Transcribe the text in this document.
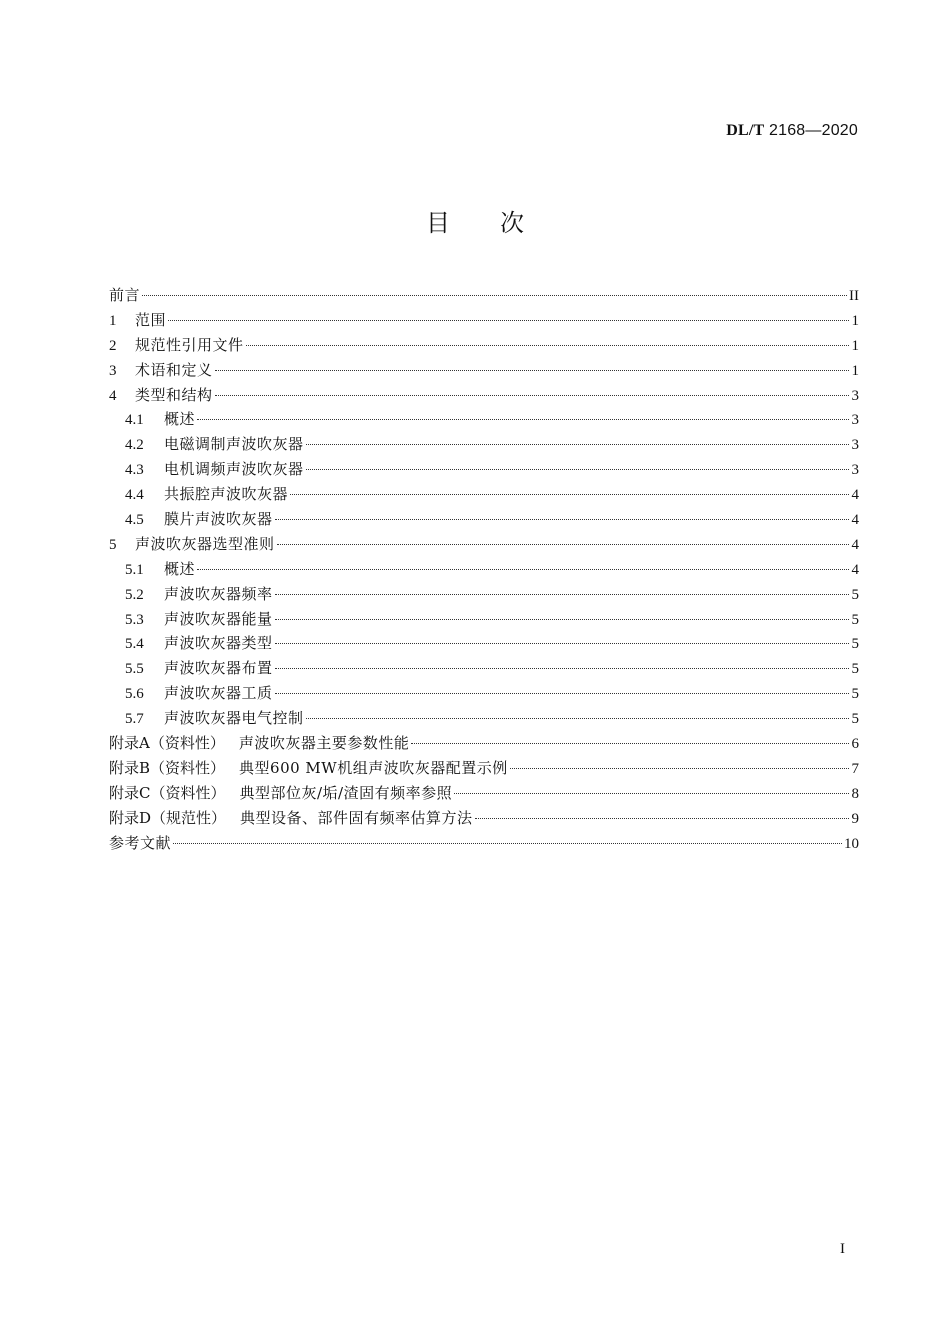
DL/T 2168—2020
目次
前言	II
1	范围	1
2	规范性引用文件	1
3	术语和定义	1
4	类型和结构	3
4.1	概述	3
4.2	电磁调制声波吹灰器	3
4.3	电机调频声波吹灰器	3
4.4	共振腔声波吹灰器	4
4.5	膜片声波吹灰器	4
5	声波吹灰器选型准则	4
5.1	概述	4
5.2	声波吹灰器频率	5
5.3	声波吹灰器能量	5
5.4	声波吹灰器类型	5
5.5	声波吹灰器布置	5
5.6	声波吹灰器工质	5
5.7	声波吹灰器电气控制	5
附录A（资料性） 声波吹灰器主要参数性能	6
附录B（资料性） 典型600 MW机组声波吹灰器配置示例	7
附录C（资料性） 典型部位灰/垢/渣固有频率参照	8
附录D（规范性） 典型设备、部件固有频率估算方法	9
参考文献	10
I
